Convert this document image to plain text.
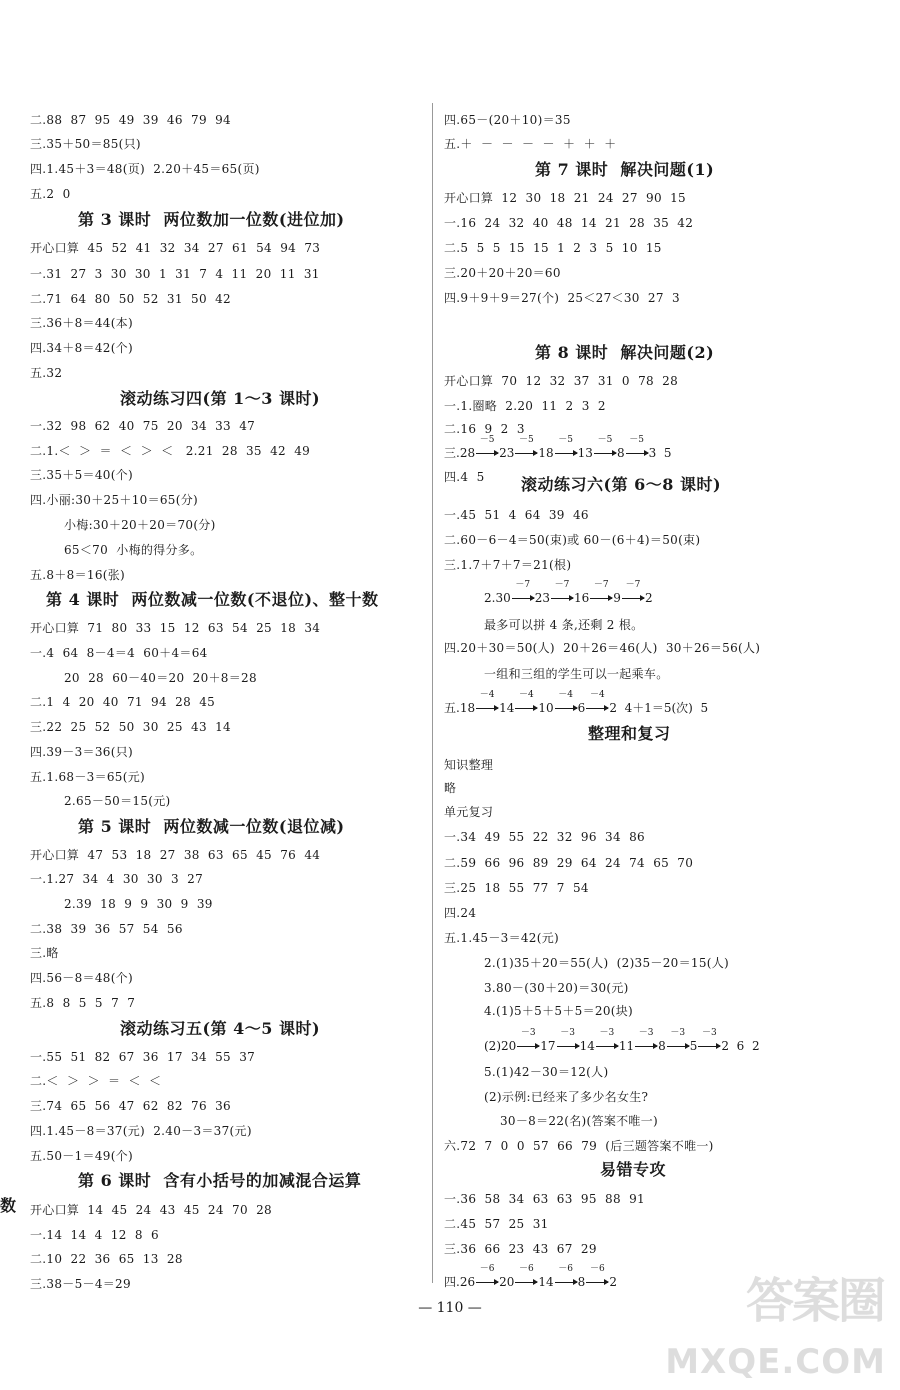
二.88  87  95  49  39  46  79  94
三.35＋50＝85(只)
四.1.45＋3＝48(页)  2.20＋45＝65(页)
五.2  0
第 3 课时  两位数加一位数(进位加)
开心口算  45  52  41  32  34  27  61  54  94  73
一.31  27  3  30  30  1  31  7  4  11  20  11  31
二.71  64  80  50  52  31  50  42
三.36＋8＝44(本)
四.34＋8＝42(个)
五.32
滚动练习四(第 1～3 课时)
一.32  98  62  40  75  20  34  33  47
二.1.＜  ＞  ＝  ＜  ＞  ＜   2.21  28  35  42  49
三.35＋5＝40(个)
四.小丽:30＋25＋10＝65(分)
小梅:30＋20＋20＝70(分)
65＜70  小梅的得分多。
五.8＋8＝16(张)
第 4 课时  两位数减一位数(不退位)、整十数
开心口算  71  80  33  15  12  63  54  25  18  34
一.4  64  8－4＝4  60＋4＝64
20  28  60－40＝20  20＋8＝28
二.1  4  20  40  71  94  28  45
三.22  25  52  50  30  25  43  14
四.39－3＝36(只)
五.1.68－3＝65(元)
2.65－50＝15(元)
第 5 课时  两位数减一位数(退位减)
开心口算  47  53  18  27  38  63  65  45  76  44
一.1.27  34  4  30  30  3  27
2.39  18  9  9  30  9  39
二.38  39  36  57  54  56
三.略
四.56－8＝48(个)
五.8  8  5  5  7  7
滚动练习五(第 4～5 课时)
一.55  51  82  67  36  17  34  55  37
二.＜  ＞  ＞  ＝  ＜  ＜
三.74  65  56  47  62  82  76  36
四.1.45－8＝37(元)  2.40－3＝37(元)
五.50－1＝49(个)
第 6 课时  含有小括号的加减混合运算
开心口算  14  45  24  43  45  24  70  28
一.14  14  4  12  8  6
二.10  22  36  65  13  28
三.38－5－4＝29
四.65－(20＋10)＝35
五.＋  －  －  －  －  ＋  ＋  ＋
第 7 课时  解决问题(1)
开心口算  12  30  18  21  24  27  90  15
一.16  24  32  40  48  14  21  28  35  42
二.5  5  5  15  15  1  2  3  5  10  15
三.20＋20＋20＝60
四.9＋9＋9＝27(个)  25＜27＜30  27  3
第 8 课时  解决问题(2)
开心口算  70  12  32  37  31  0  78  28
一.1.圈略  2.20  11  2  3  2
二.16  9  2  3
三.28
－5
23
－5
18
－5
13
－5
8
－5
3  5
四.4  5 滚动练习六(第 6～8 课时)
一.45  51  4  64  39  46
二.60－6－4＝50(束)或 60－(6＋4)＝50(束)
三.1.7＋7＋7＝21(根)
2.30
－7
23
－7
16
－7
9
－7
2
最多可以拼 4 条,还剩 2 根。
四.20＋30＝50(人)  20＋26＝46(人)  30＋26＝56(人)
一组和三组的学生可以一起乘车。
五.18
－4
14
－4
10
－4
6
－4
2  4＋1＝5(次)  5
整理和复习
知识整理
略
单元复习
一.34  49  55  22  32  96  34  86
二.59  66  96  89  29  64  24  74  65  70
三.25  18  55  77  7  54
四.24
五.1.45－3＝42(元)
2.(1)35＋20＝55(人)  (2)35－20＝15(人)
3.80－(30＋20)＝30(元)
4.(1)5＋5＋5＋5＝20(块)
(2)20
－3
17
－3
14
－3
11
－3
8
－3
5
－3
2  6  2
5.(1)42－30＝12(人)
(2)示例:已经来了多少名女生?
30－8＝22(名)(答案不唯一)
六.72  7  0  0  57  66  79  (后三题答案不唯一)
易错专攻
一.36  58  34  63  63  95  88  91
二.45  57  25  31
三.36  66  23  43  67  29
四.26
－6
20
－6
14
－6
8
－6
2
数
— 110 —	答案圈
MXQE.COM
